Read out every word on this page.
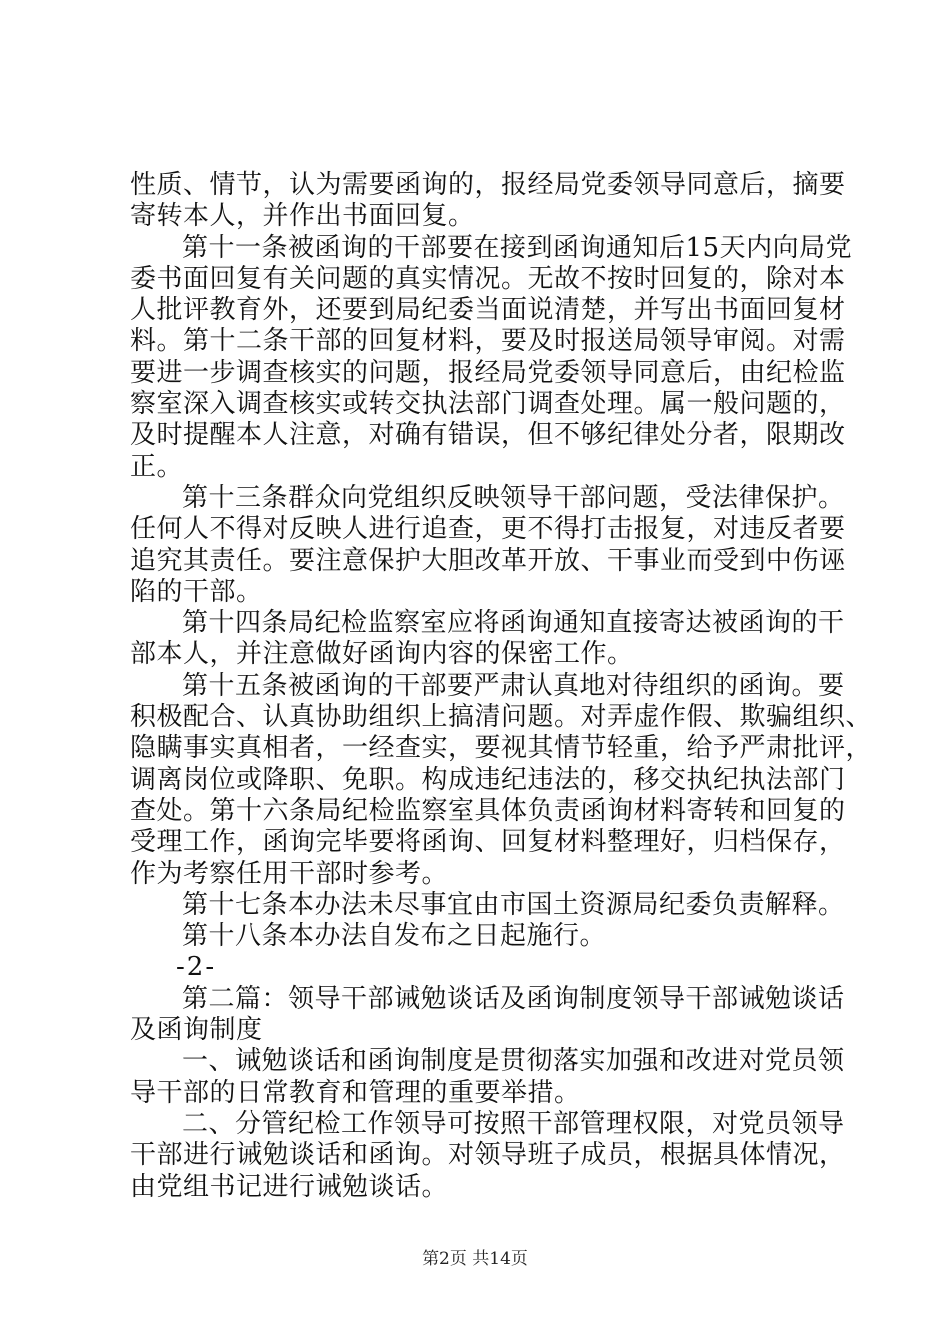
性质、情节，认为需要函询的，报经局党委领导同意后，摘要
寄转本人，并作出书面回复。
第十一条被函询的干部要在接到函询通知后15天内向局党
委书面回复有关问题的真实情况。无故不按时回复的，除对本
人批评教育外，还要到局纪委当面说清楚，并写出书面回复材
料。第十二条干部的回复材料，要及时报送局领导审阅。对需
要进一步调查核实的问题，报经局党委领导同意后，由纪检监
察室深入调查核实或转交执法部门调查处理。属一般问题的，
及时提醒本人注意，对确有错误，但不够纪律处分者，限期改
正。
第十三条群众向党组织反映领导干部问题，受法律保护。
任何人不得对反映人进行追查，更不得打击报复，对违反者要
追究其责任。要注意保护大胆改革开放、干事业而受到中伤诬
陷的干部。
第十四条局纪检监察室应将函询通知直接寄达被函询的干
部本人，并注意做好函询内容的保密工作。
第十五条被函询的干部要严肃认真地对待组织的函询。要
积极配合、认真协助组织上搞清问题。对弄虚作假、欺骗组织、
隐瞒事实真相者，一经查实，要视其情节轻重，给予严肃批评，
调离岗位或降职、免职。构成违纪违法的，移交执纪执法部门
查处。第十六条局纪检监察室具体负责函询材料寄转和回复的
受理工作，函询完毕要将函询、回复材料整理好，归档保存，
作为考察任用干部时参考。
第十七条本办法未尽事宜由市国土资源局纪委负责解释。
第十八条本办法自发布之日起施行。
-2-
第二篇：领导干部诫勉谈话及函询制度领导干部诫勉谈话
及函询制度
一、诫勉谈话和函询制度是贯彻落实加强和改进对党员领
导干部的日常教育和管理的重要举措。
二、分管纪检工作领导可按照干部管理权限，对党员领导
干部进行诫勉谈话和函询。对领导班子成员，根据具体情况，
由党组书记进行诫勉谈话。
第2页 共14页
